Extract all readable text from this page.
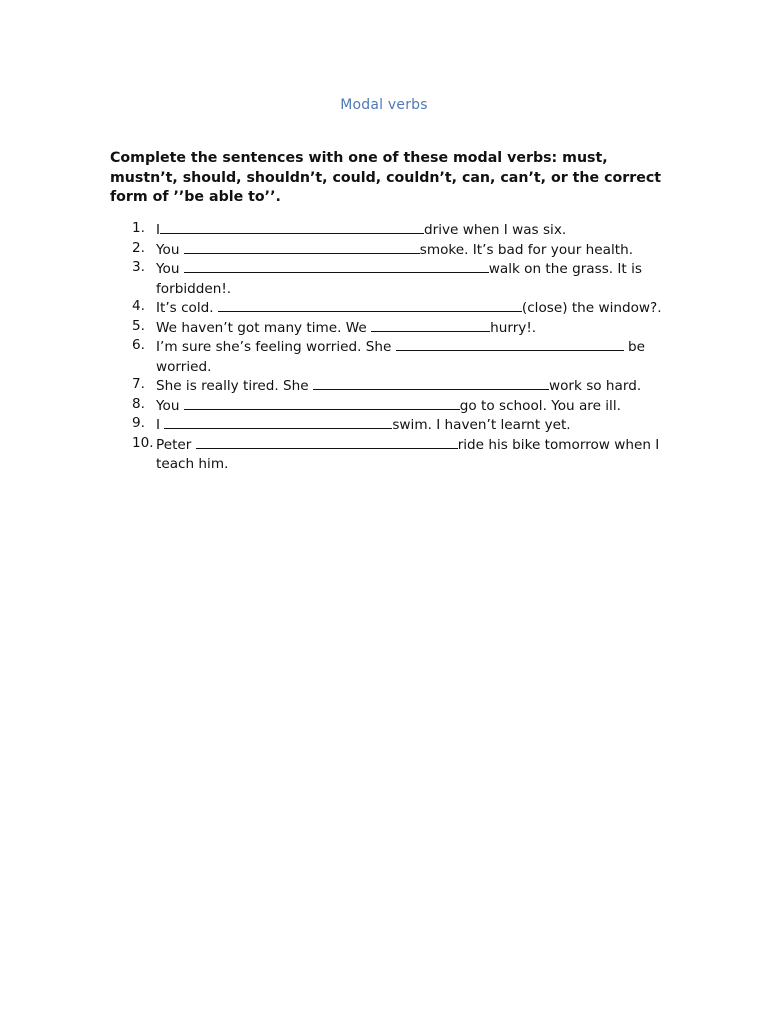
Modal verbs

Complete the sentences with one of these modal verbs: must, mustn’t, should, shouldn’t, could, couldn’t, can, can’t, or the correct form of ’’be able to’’.

1. I	drive when I was six.
2. You	smoke. It’s bad for your health.
3. You	walk on the grass. It is forbidden!.
4. It’s cold.	(close) the window?.
5. We haven’t got many time. We	hurry!.
6. I’m sure she’s feeling worried. She	be worried.
7. She is really tired. She	work so hard.
8. You	go to school. You are ill.
9. I	swim. I haven’t learnt yet.
10. Peter	ride his bike tomorrow when I teach him.
